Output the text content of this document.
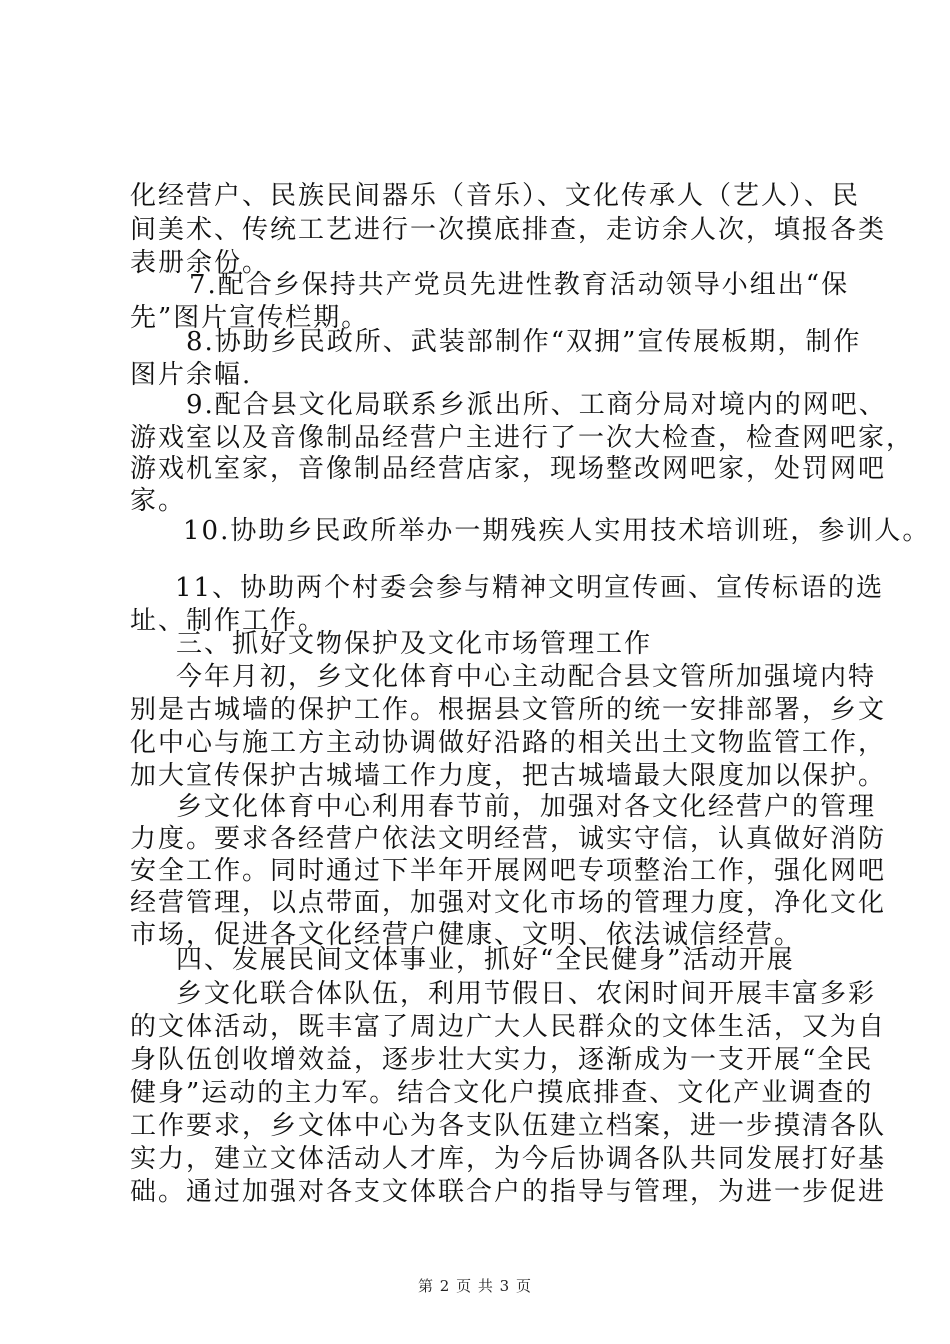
化经营户、民族民间器乐（音乐）、文化传承人（艺人）、民
间美术、传统工艺进行一次摸底排查，走访余人次，填报各类
表册余份。
7.配合乡保持共产党员先进性教育活动领导小组出“保
先”图片宣传栏期。
8.协助乡民政所、武装部制作“双拥”宣传展板期，制作
图片余幅.
9.配合县文化局联系乡派出所、工商分局对境内的网吧、
游戏室以及音像制品经营户主进行了一次大检查，检查网吧家，
游戏机室家，音像制品经营店家，现场整改网吧家，处罚网吧
家。
10.协助乡民政所举办一期残疾人实用技术培训班，参训人。
11、协助两个村委会参与精神文明宣传画、宣传标语的选
址、制作工作。
三、抓好文物保护及文化市场管理工作
今年月初，乡文化体育中心主动配合县文管所加强境内特
别是古城墙的保护工作。根据县文管所的统一安排部署，乡文
化中心与施工方主动协调做好沿路的相关出土文物监管工作，
加大宣传保护古城墙工作力度，把古城墙最大限度加以保护。
乡文化体育中心利用春节前，加强对各文化经营户的管理
力度。要求各经营户依法文明经营，诚实守信，认真做好消防
安全工作。同时通过下半年开展网吧专项整治工作，强化网吧
经营管理，以点带面，加强对文化市场的管理力度，净化文化
市场，促进各文化经营户健康、文明、依法诚信经营。
四、发展民间文体事业，抓好“全民健身”活动开展
乡文化联合体队伍，利用节假日、农闲时间开展丰富多彩
的文体活动，既丰富了周边广大人民群众的文体生活，又为自
身队伍创收增效益，逐步壮大实力，逐渐成为一支开展“全民
健身”运动的主力军。结合文化户摸底排查、文化产业调查的
工作要求，乡文体中心为各支队伍建立档案，进一步摸清各队
实力，建立文体活动人才库，为今后协调各队共同发展打好基
础。通过加强对各支文体联合户的指导与管理，为进一步促进
第 2 页 共 3 页
